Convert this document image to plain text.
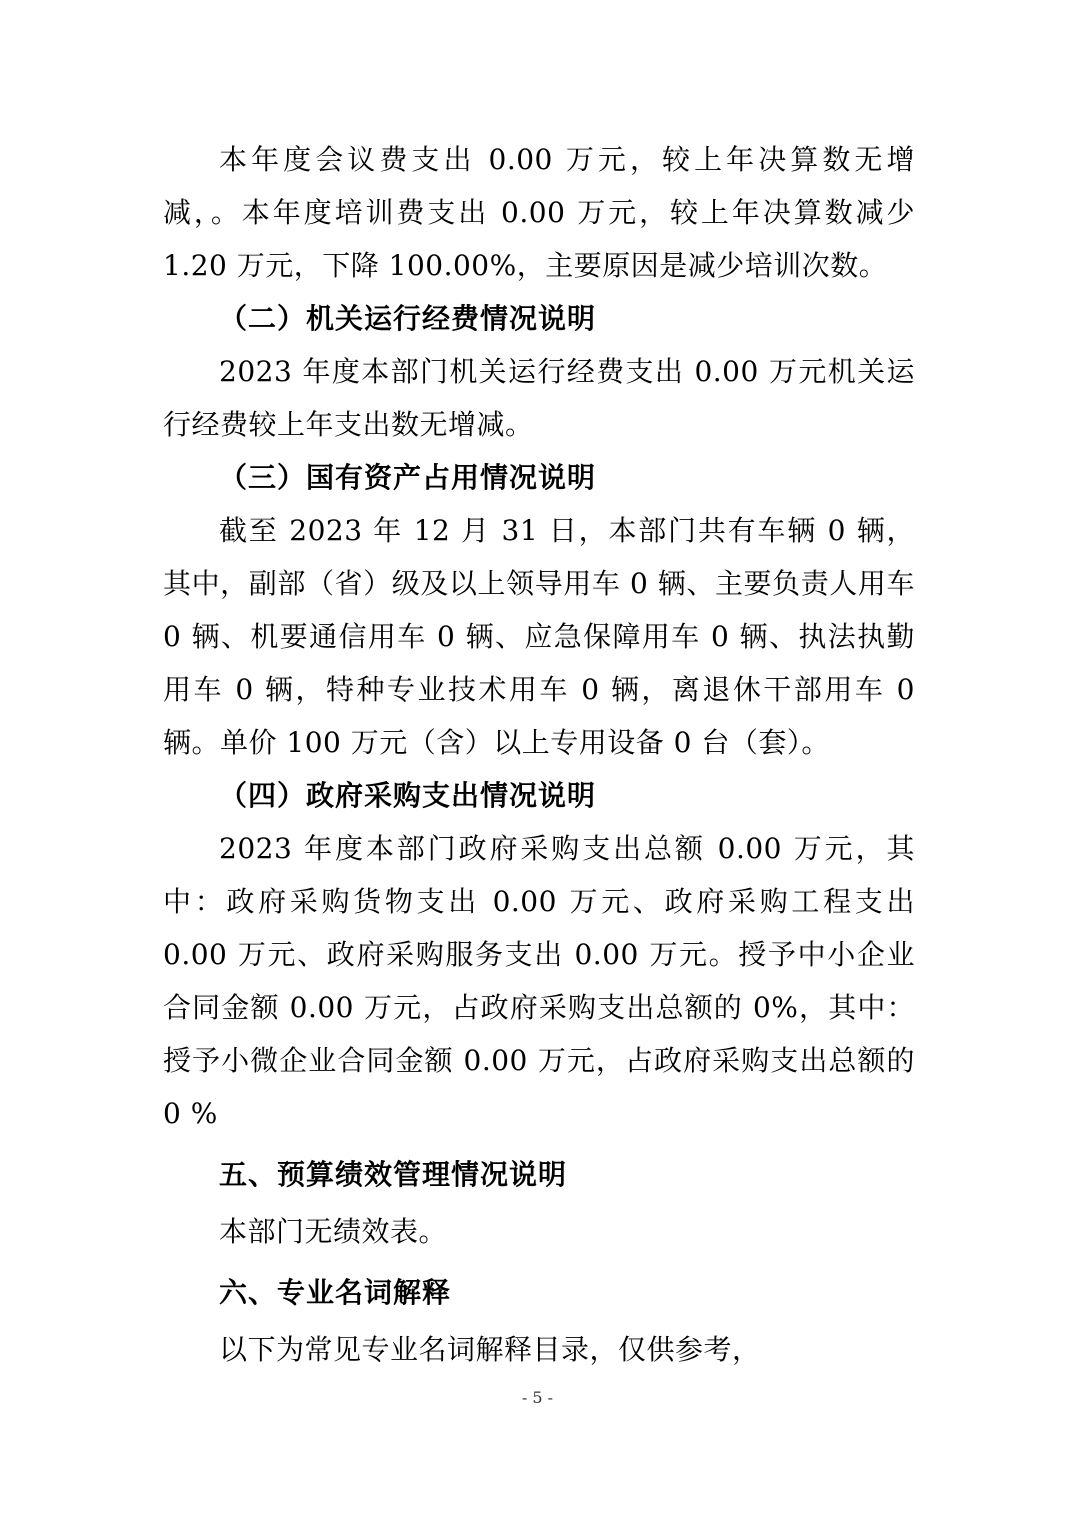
本年度会议费支出 0.00 万元，较上年决算数无增减，。本年度培训费支出 0.00 万元，较上年决算数减少 1.20 万元，下降 100.00%，主要原因是减少培训次数。

（二）机关运行经费情况说明

2023 年度本部门机关运行经费支出 0.00 万元机关运行经费较上年支出数无增减。

（三）国有资产占用情况说明

截至 2023 年 12 月 31 日，本部门共有车辆 0 辆，其中，副部（省）级及以上领导用车 0 辆、主要负责人用车 0 辆、机要通信用车 0 辆、应急保障用车 0 辆、执法执勤用车 0 辆，特种专业技术用车 0 辆，离退休干部用车 0 辆。单价 100 万元（含）以上专用设备 0 台（套）。

（四）政府采购支出情况说明

2023 年度本部门政府采购支出总额 0.00 万元，其中：政府采购货物支出 0.00 万元、政府采购工程支出 0.00 万元、政府采购服务支出 0.00 万元。授予中小企业合同金额 0.00 万元，占政府采购支出总额的 0%，其中：授予小微企业合同金额 0.00 万元，占政府采购支出总额的 0 %

五、预算绩效管理情况说明

本部门无绩效表。

六、专业名词解释

以下为常见专业名词解释目录，仅供参考，

- 5 -
